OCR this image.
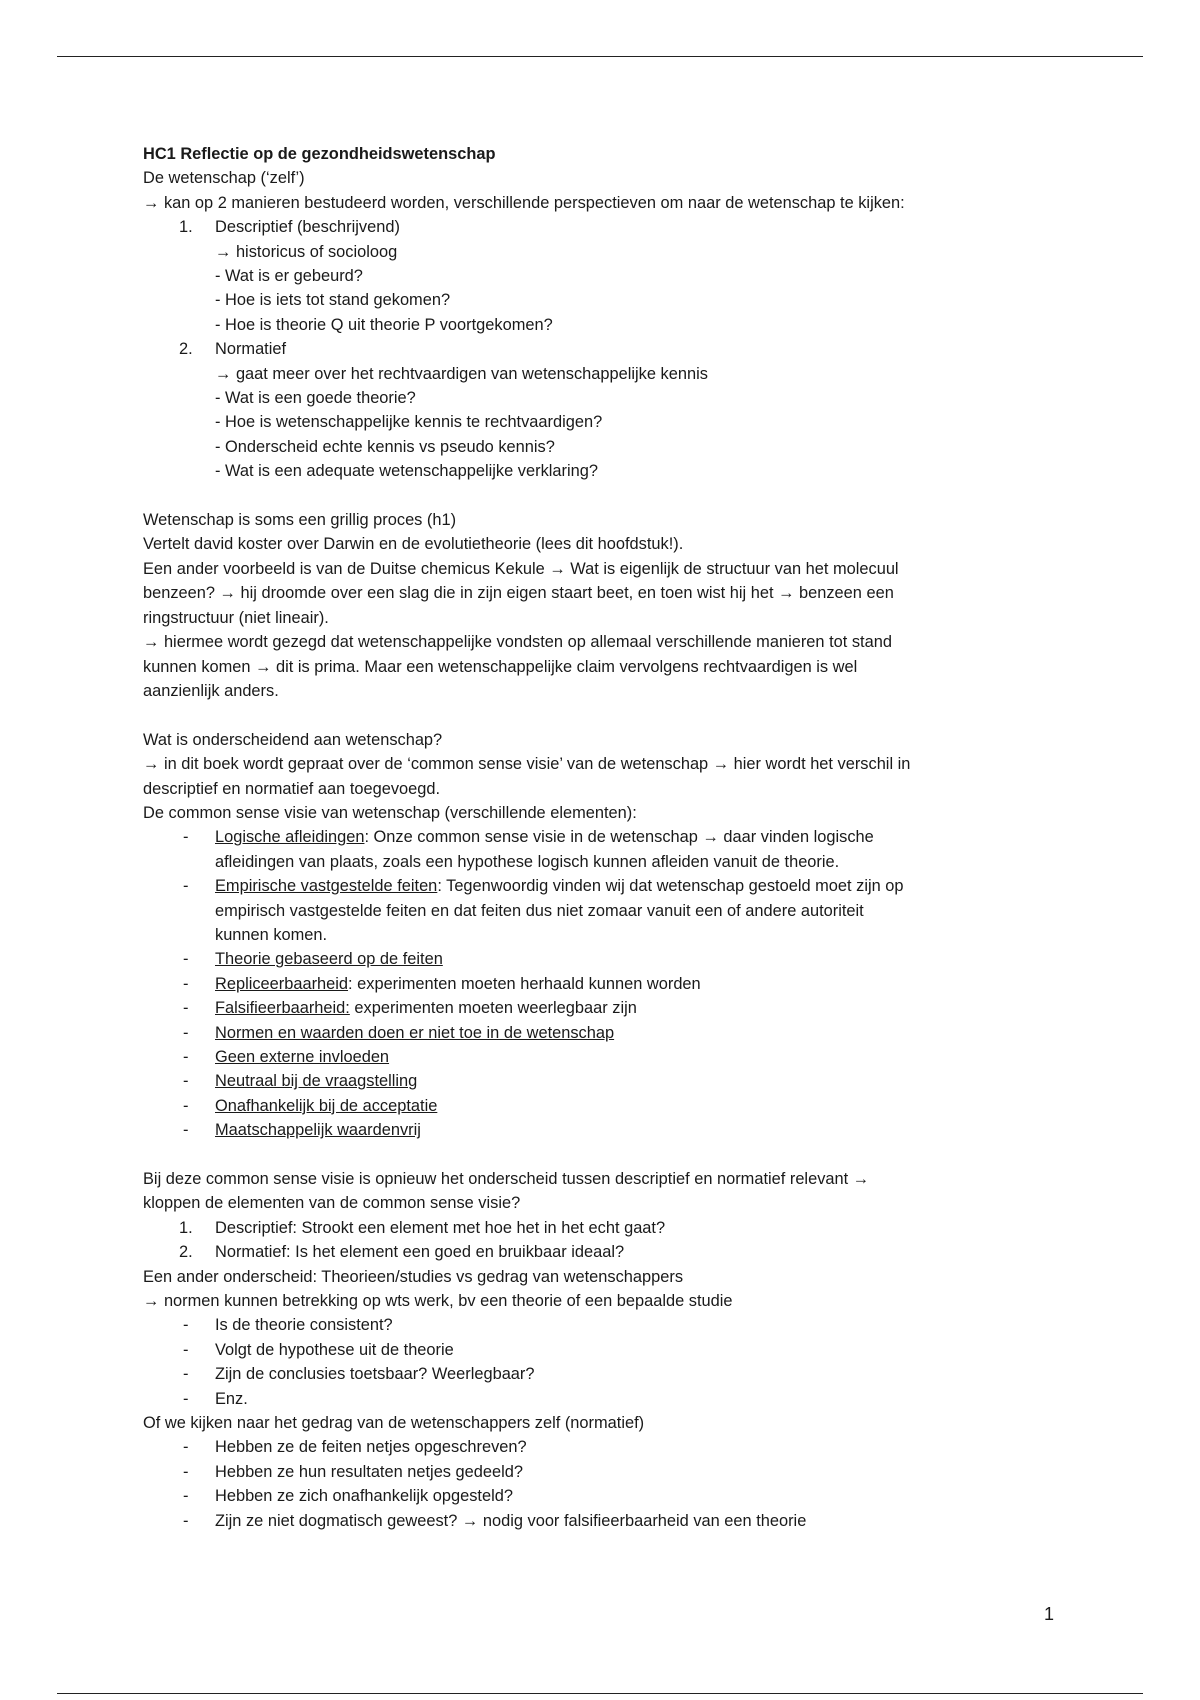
HC1 Reflectie op de gezondheidswetenschap
De wetenschap (‘zelf’)
→ kan op 2 manieren bestudeerd worden, verschillende perspectieven om naar de wetenschap te kijken:
1. Descriptief (beschrijvend)
→ historicus of socioloog
- Wat is er gebeurd?
- Hoe is iets tot stand gekomen?
- Hoe is theorie Q uit theorie P voortgekomen?
2. Normatief
→ gaat meer over het rechtvaardigen van wetenschappelijke kennis
- Wat is een goede theorie?
- Hoe is wetenschappelijke kennis te rechtvaardigen?
- Onderscheid echte kennis vs pseudo kennis?
- Wat is een adequate wetenschappelijke verklaring?
Wetenschap is soms een grillig proces (h1)
Vertelt david koster over Darwin en de evolutietheorie (lees dit hoofdstuk!).
Een ander voorbeeld is van de Duitse chemicus Kekule → Wat is eigenlijk de structuur van het molecuul
benzeen? → hij droomde over een slag die in zijn eigen staart beet, en toen wist hij het → benzeen een
ringstructuur (niet lineair).
→ hiermee wordt gezegd dat wetenschappelijke vondsten op allemaal verschillende manieren tot stand
kunnen komen → dit is prima. Maar een wetenschappelijke claim vervolgens rechtvaardigen is wel
aanzienlijk anders.
Wat is onderscheidend aan wetenschap?
→ in dit boek wordt gepraat over de ‘common sense visie’ van de wetenschap → hier wordt het verschil in
descriptief en normatief aan toegevoegd.
De common sense visie van wetenschap (verschillende elementen):
- Logische afleidingen: Onze common sense visie in de wetenschap → daar vinden logische
afleidingen van plaats, zoals een hypothese logisch kunnen afleiden vanuit de theorie.
- Empirische vastgestelde feiten: Tegenwoordig vinden wij dat wetenschap gestoeld moet zijn op
empirisch vastgestelde feiten en dat feiten dus niet zomaar vanuit een of andere autoriteit
kunnen komen.
- Theorie gebaseerd op de feiten
- Repliceerbaarheid: experimenten moeten herhaald kunnen worden
- Falsifieerbaarheid: experimenten moeten weerlegbaar zijn
- Normen en waarden doen er niet toe in de wetenschap
- Geen externe invloeden
- Neutraal bij de vraagstelling
- Onafhankelijk bij de acceptatie
- Maatschappelijk waardenvrij
Bij deze common sense visie is opnieuw het onderscheid tussen descriptief en normatief relevant →
kloppen de elementen van de common sense visie?
1. Descriptief: Strookt een element met hoe het in het echt gaat?
2. Normatief: Is het element een goed en bruikbaar ideaal?
Een ander onderscheid: Theorieen/studies vs gedrag van wetenschappers
→ normen kunnen betrekking op wts werk, bv een theorie of een bepaalde studie
- Is de theorie consistent?
- Volgt de hypothese uit de theorie
- Zijn de conclusies toetsbaar? Weerlegbaar?
- Enz.
Of we kijken naar het gedrag van de wetenschappers zelf (normatief)
- Hebben ze de feiten netjes opgeschreven?
- Hebben ze hun resultaten netjes gedeeld?
- Hebben ze zich onafhankelijk opgesteld?
- Zijn ze niet dogmatisch geweest? → nodig voor falsifieerbaarheid van een theorie
1
